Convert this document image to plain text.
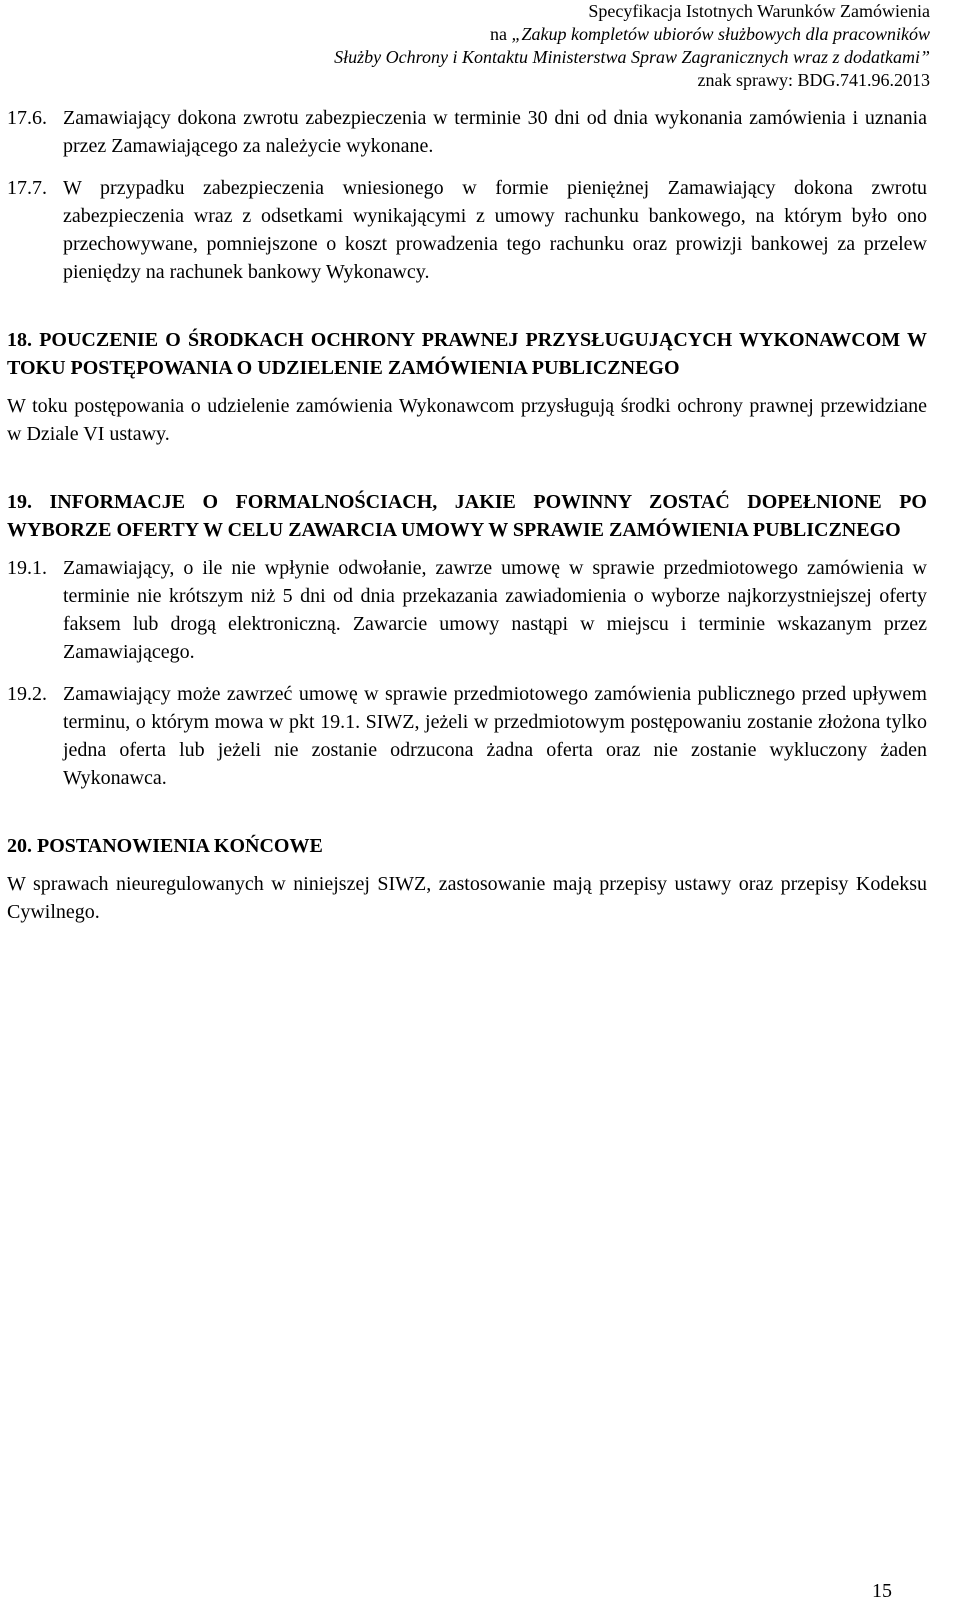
Specyfikacja Istotnych Warunków Zamówienia
na „Zakup kompletów ubiorów służbowych dla pracowników
Służby Ochrony i Kontaktu Ministerstwa Spraw Zagranicznych wraz z dodatkami”
znak sprawy: BDG.741.96.2013
17.6. Zamawiający dokona zwrotu zabezpieczenia w terminie 30 dni od dnia wykonania zamówienia i uznania przez Zamawiającego za należycie wykonane.
17.7. W przypadku zabezpieczenia wniesionego w formie pieniężnej Zamawiający dokona zwrotu zabezpieczenia wraz z odsetkami wynikającymi z umowy rachunku bankowego, na którym było ono przechowywane, pomniejszone o koszt prowadzenia tego rachunku oraz prowizji bankowej za przelew pieniędzy na rachunek bankowy Wykonawcy.
18. POUCZENIE O ŚRODKACH OCHRONY PRAWNEJ PRZYSŁUGUJĄCYCH WYKONAWCOM W TOKU POSTĘPOWANIA O UDZIELENIE ZAMÓWIENIA PUBLICZNEGO
W toku postępowania o udzielenie zamówienia Wykonawcom przysługują środki ochrony prawnej przewidziane w Dziale VI ustawy.
19. INFORMACJE O FORMALNOŚCIACH, JAKIE POWINNY ZOSTAĆ DOPEŁNIONE PO WYBORZE OFERTY W CELU ZAWARCIA UMOWY W SPRAWIE ZAMÓWIENIA PUBLICZNEGO
19.1. Zamawiający, o ile nie wpłynie odwołanie, zawrze umowę w sprawie przedmiotowego zamówienia w terminie nie krótszym niż 5 dni od dnia przekazania zawiadomienia o wyborze najkorzystniejszej oferty faksem lub drogą elektroniczną. Zawarcie umowy nastąpi w miejscu i terminie wskazanym przez Zamawiającego.
19.2. Zamawiający może zawrzeć umowę w sprawie przedmiotowego zamówienia publicznego przed upływem terminu, o którym mowa w pkt 19.1. SIWZ, jeżeli w przedmiotowym postępowaniu zostanie złożona tylko jedna oferta lub jeżeli nie zostanie odrzucona żadna oferta oraz nie zostanie wykluczony żaden Wykonawca.
20. POSTANOWIENIA KOŃCOWE
W sprawach nieuregulowanych w niniejszej SIWZ, zastosowanie mają przepisy ustawy oraz przepisy Kodeksu Cywilnego.
15
